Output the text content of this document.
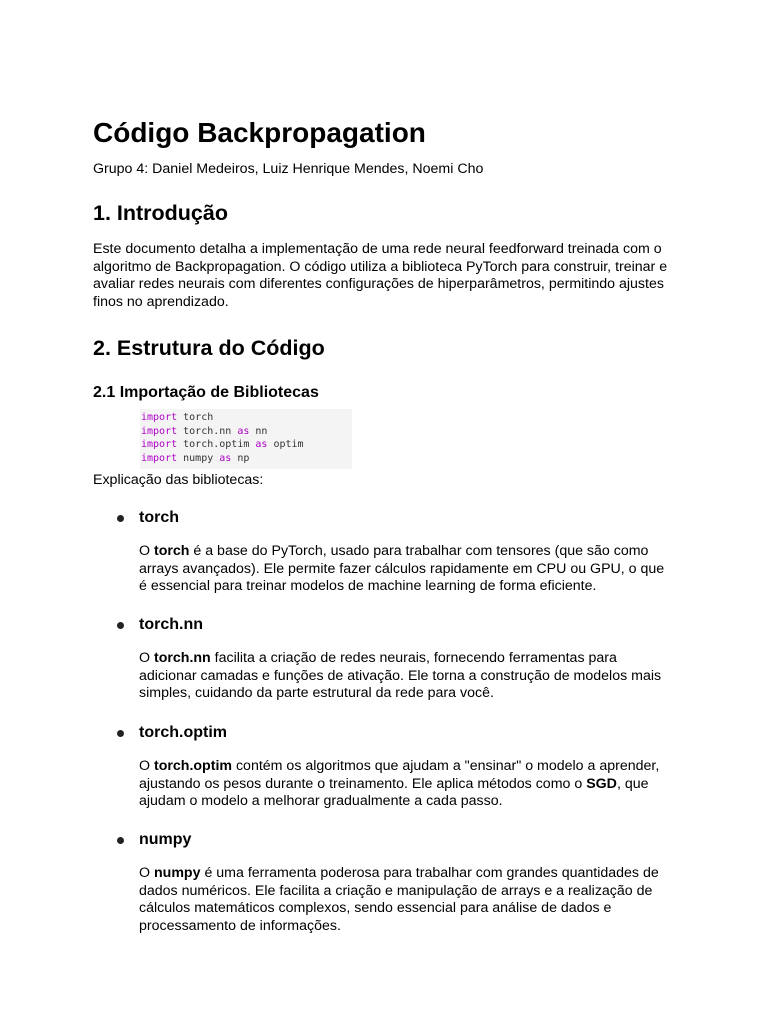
Código Backpropagation
Grupo 4: Daniel Medeiros, Luiz Henrique Mendes, Noemi Cho
1. Introdução

Este documento detalha a implementação de uma rede neural feedforward treinada com o algoritmo de Backpropagation. O código utiliza a biblioteca PyTorch para construir, treinar e avaliar redes neurais com diferentes configurações de hiperparâmetros, permitindo ajustes finos no aprendizado.

2. Estrutura do Código
2.1 Importação de Bibliotecas
import torch
import torch.nn as nn
import torch.optim as optim
import numpy as np

Explicação das bibliotecas:

torch

O torch é a base do PyTorch, usado para trabalhar com tensores (que são como arrays avançados). Ele permite fazer cálculos rapidamente em CPU ou GPU, o que é essencial para treinar modelos de machine learning de forma eficiente.

torch.nn

O torch.nn facilita a criação de redes neurais, fornecendo ferramentas para adicionar camadas e funções de ativação. Ele torna a construção de modelos mais simples, cuidando da parte estrutural da rede para você.

torch.optim

O torch.optim contém os algoritmos que ajudam a "ensinar" o modelo a aprender, ajustando os pesos durante o treinamento. Ele aplica métodos como o SGD, que ajudam o modelo a melhorar gradualmente a cada passo.

numpy

O numpy é uma ferramenta poderosa para trabalhar com grandes quantidades de dados numéricos. Ele facilita a criação e manipulação de arrays e a realização de cálculos matemáticos complexos, sendo essencial para análise de dados e processamento de informações.
